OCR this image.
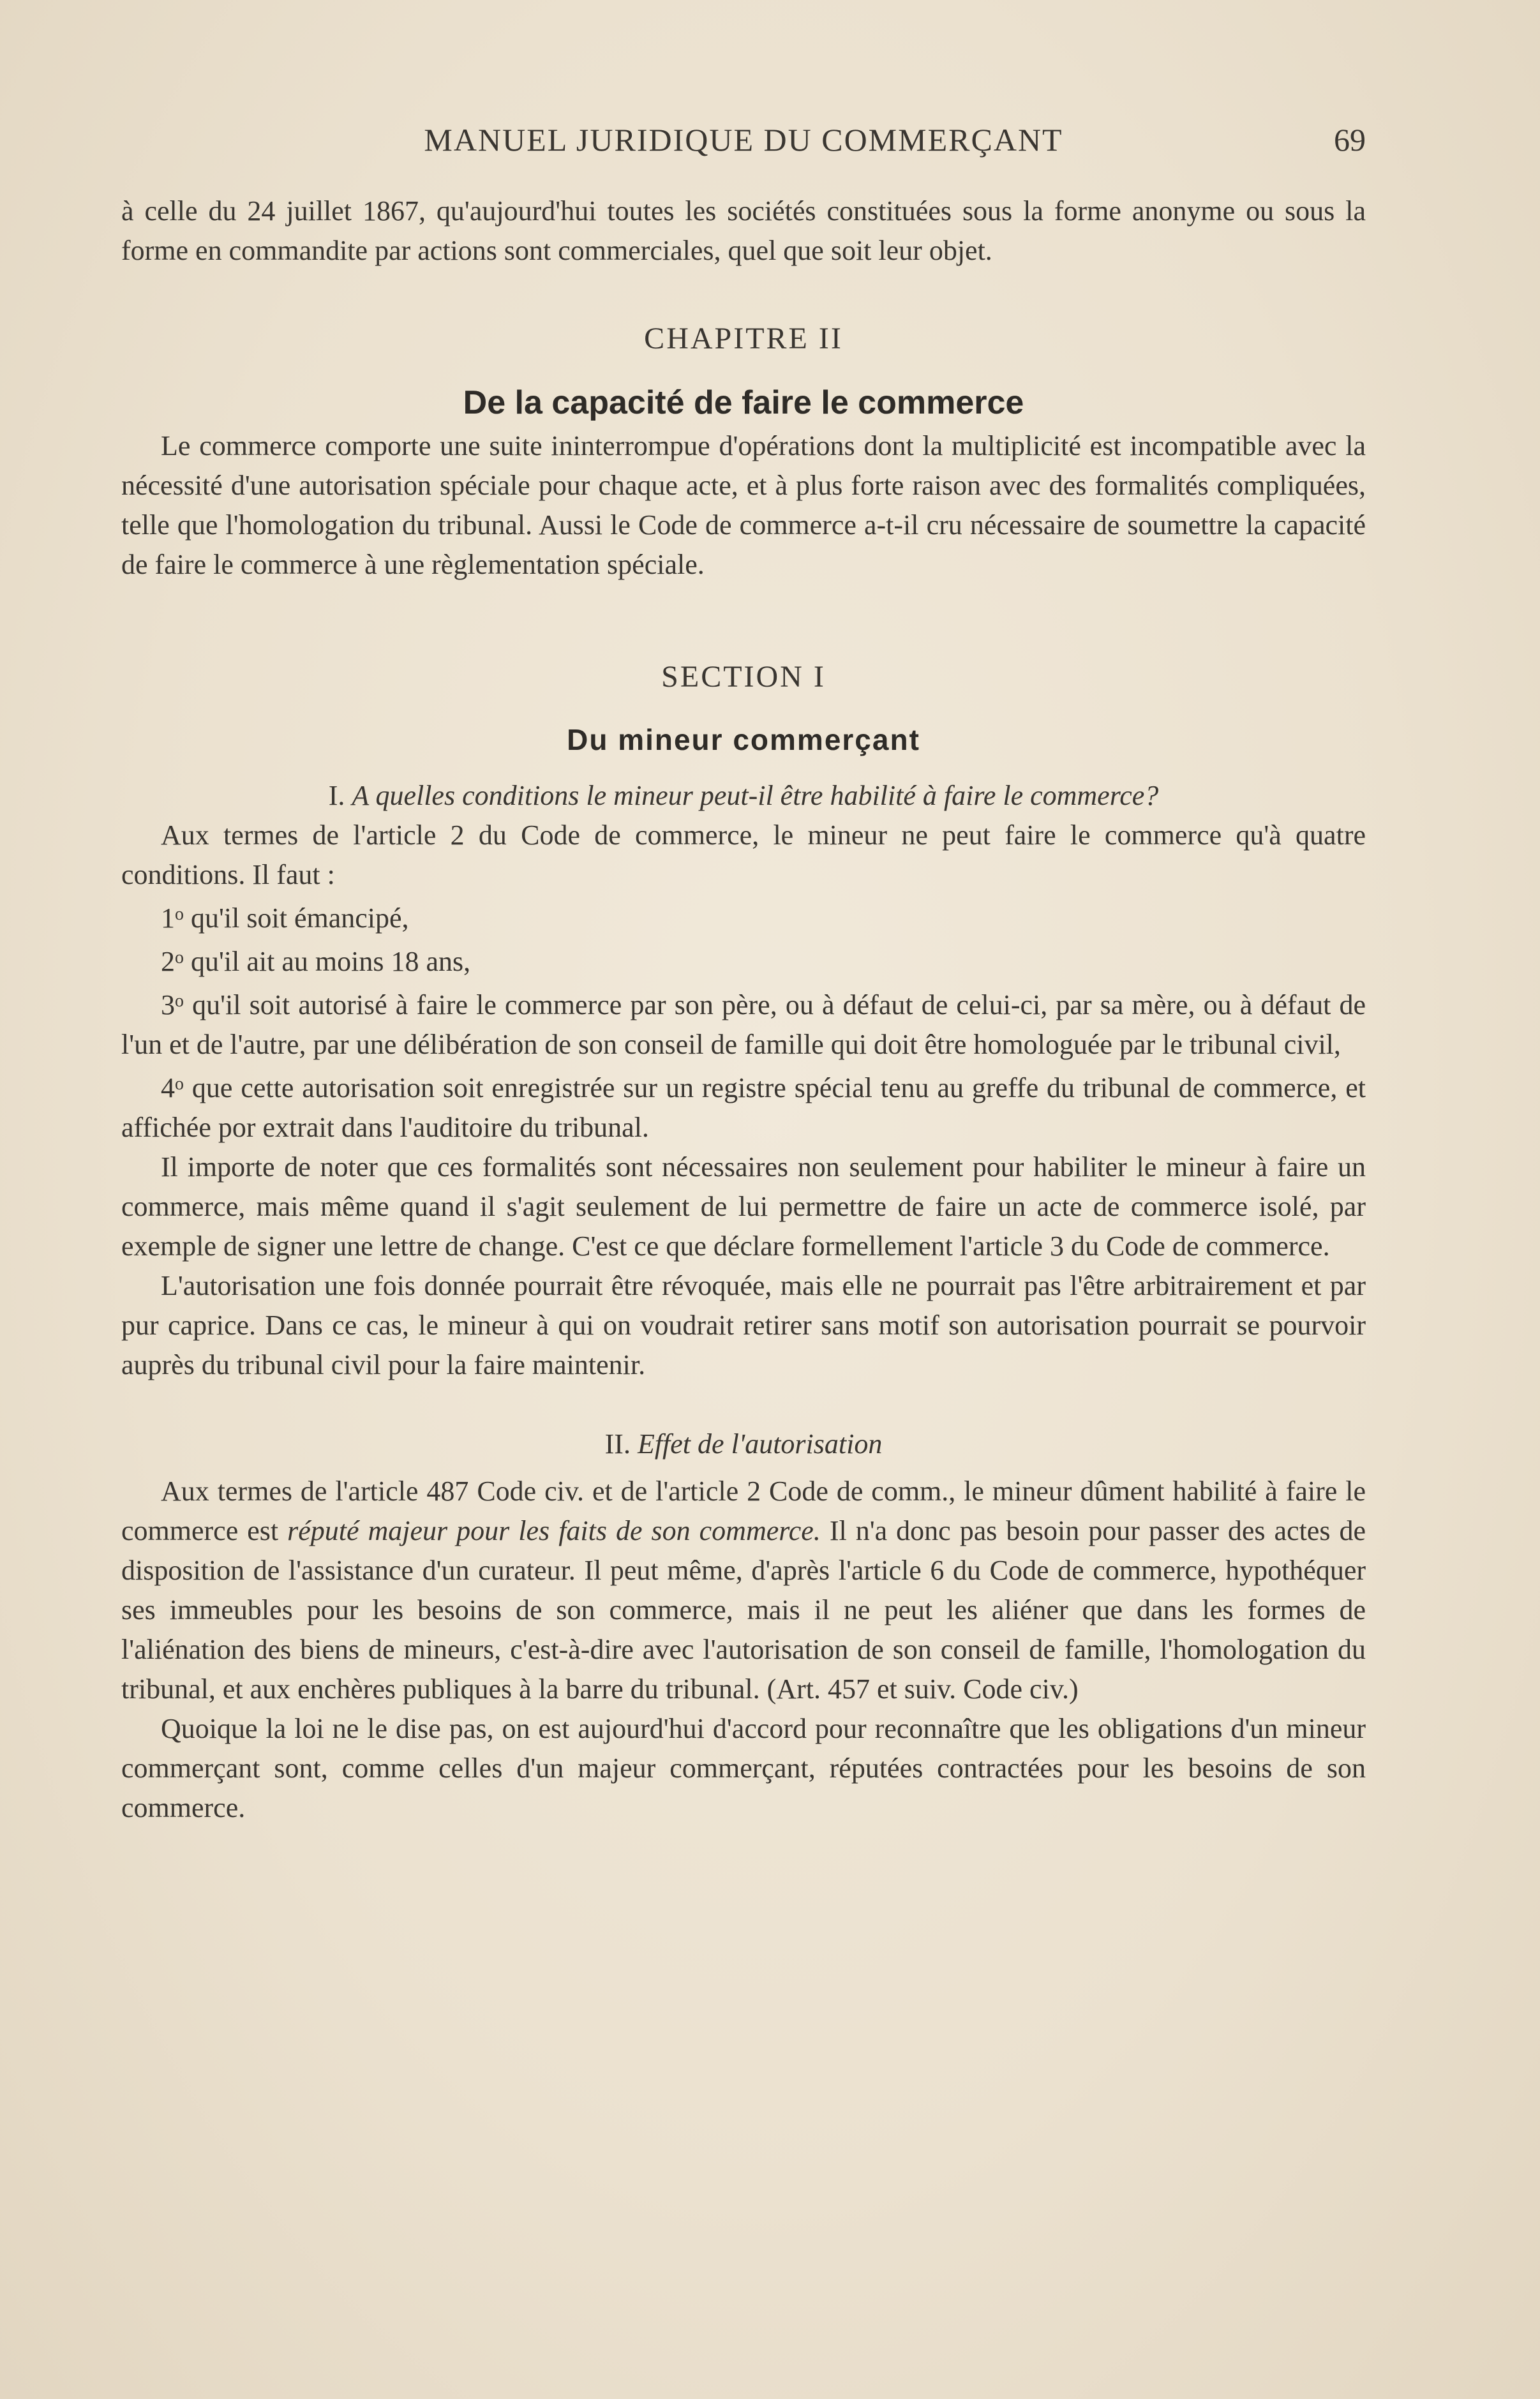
MANUEL JURIDIQUE DU COMMERÇANT	69

à celle du 24 juillet 1867, qu'aujourd'hui toutes les sociétés constituées sous la forme anonyme ou sous la forme en commandite par actions sont commerciales, quel que soit leur objet.

CHAPITRE II
De la capacité de faire le commerce

Le commerce comporte une suite ininterrompue d'opérations dont la multiplicité est incompatible avec la nécessité d'une autorisation spéciale pour chaque acte, et à plus forte raison avec des formalités compliquées, telle que l'homologation du tribunal. Aussi le Code de commerce a-t-il cru nécessaire de soumettre la capacité de faire le commerce à une règlementation spéciale.

SECTION I
Du mineur commerçant
I. A quelles conditions le mineur peut-il être habilité à faire le commerce?

Aux termes de l'article 2 du Code de commerce, le mineur ne peut faire le commerce qu'à quatre conditions. Il faut :

1$^o$ qu'il soit émancipé,

2$^o$ qu'il ait au moins 18 ans,

3$^o$ qu'il soit autorisé à faire le commerce par son père, ou à défaut de celui-ci, par sa mère, ou à défaut de l'un et de l'autre, par une délibération de son conseil de famille qui doit être homologuée par le tribunal civil,

4$^o$ que cette autorisation soit enregistrée sur un registre spécial tenu au greffe du tribunal de commerce, et affichée por extrait dans l'auditoire du tribunal.

Il importe de noter que ces formalités sont nécessaires non seulement pour habiliter le mineur à faire un commerce, mais même quand il s'agit seulement de lui permettre de faire un acte de commerce isolé, par exemple de signer une lettre de change. C'est ce que déclare formellement l'article 3 du Code de commerce.

L'autorisation une fois donnée pourrait être révoquée, mais elle ne pourrait pas l'être arbitrairement et par pur caprice. Dans ce cas, le mineur à qui on voudrait retirer sans motif son autorisation pourrait se pourvoir auprès du tribunal civil pour la faire maintenir.

II. Effet de l'autorisation

Aux termes de l'article 487 Code civ. et de l'article 2 Code de comm., le mineur dûment habilité à faire le commerce est réputé majeur pour les faits de son commerce. Il n'a donc pas besoin pour passer des actes de disposition de l'assistance d'un curateur. Il peut même, d'après l'article 6 du Code de commerce, hypothéquer ses immeubles pour les besoins de son commerce, mais il ne peut les aliéner que dans les formes de l'aliénation des biens de mineurs, c'est-à-dire avec l'autorisation de son conseil de famille, l'homologation du tribunal, et aux enchères publiques à la barre du tribunal. (Art. 457 et suiv. Code civ.)

Quoique la loi ne le dise pas, on est aujourd'hui d'accord pour reconnaître que les obligations d'un mineur commerçant sont, comme celles d'un majeur commerçant, réputées contractées pour les besoins de son commerce.
